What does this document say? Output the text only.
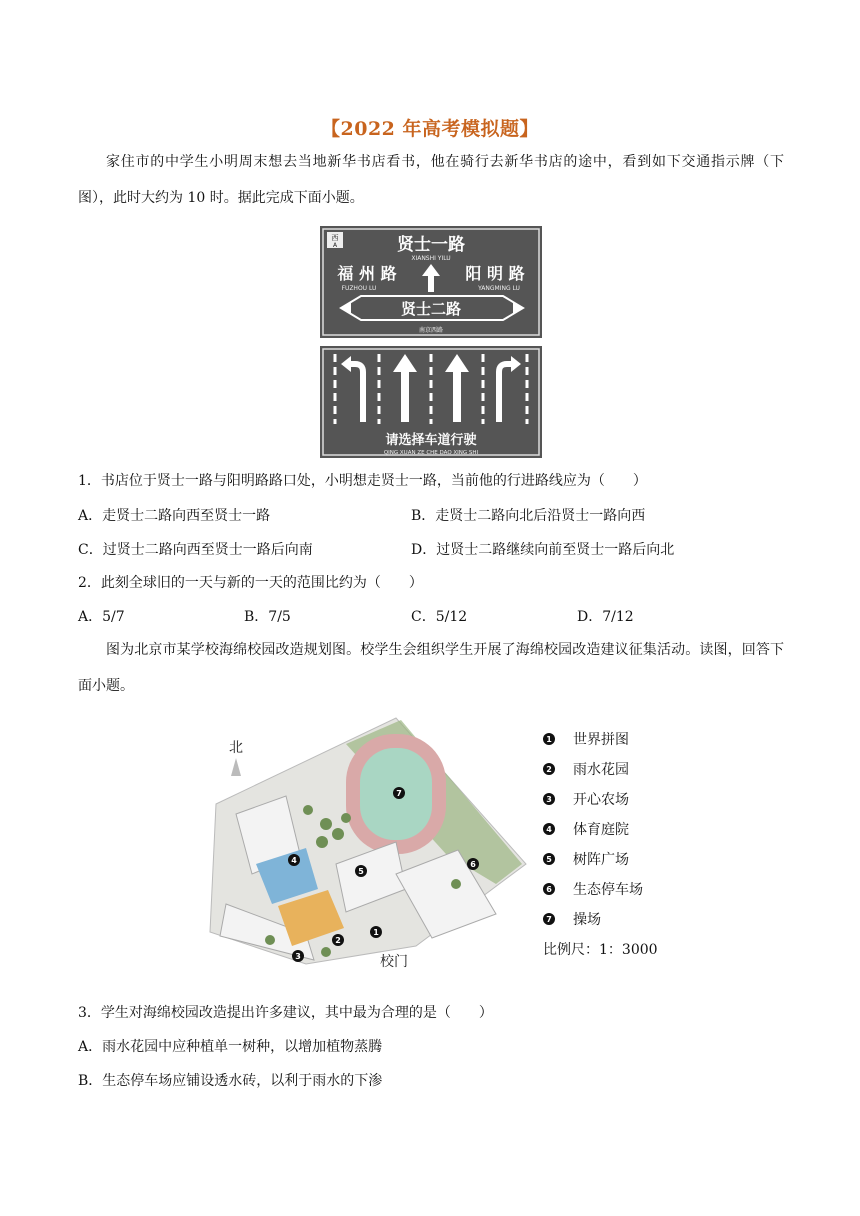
【2022 年高考模拟题】
家住市的中学生小明周末想去当地新华书店看书，他在骑行去新华书店的途中，看到如下交通指示牌（下图），此时大约为 10 时。据此完成下面小题。
西
A	贤士一路
XIANSHI YILU
福 州 路
FUZHOU LU
阳 明 路
YANGMING LU
贤士二路
南京西路
请选择车道行驶
QING XUAN ZE CHE DAO XING SHI
1．书店位于贤士一路与阳明路路口处，小明想走贤士一路，当前他的行进路线应为（　　）
A．走贤士二路向西至贤士一路	B．走贤士二路向北后沿贤士一路向西
C．过贤士二路向西至贤士一路后向南	D．过贤士二路继续向前至贤士一路后向北
2．此刻全球旧的一天与新的一天的范围比约为（　　）
A．5/7	B．7/5	C．5/12	D．7/12
图为北京市某学校海绵校园改造规划图。校学生会组织学生开展了海绵校园改造建议征集活动。读图，回答下面小题。
北
7
4
5
6
1
2
3	校门
1 世界拼图
2 雨水花园
3 开心农场
4 体育庭院
5 树阵广场
6 生态停车场
7 操场
比例尺：1：3000
3．学生对海绵校园改造提出许多建议，其中最为合理的是（　　）
A．雨水花园中应种植单一树种，以增加植物蒸腾
B．生态停车场应铺设透水砖，以利于雨水的下渗
